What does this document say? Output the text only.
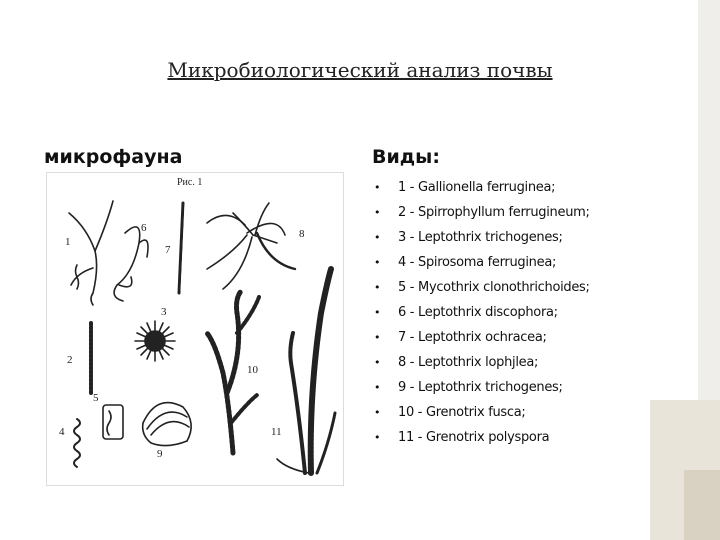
Микробиологический анализ почвы
микрофауна	Виды:
Рис. 1
1
6
7
8
2
3
10
11
5
4
9
• 1 - Gallionella ferruginea;
• 2 - Spirrophyllum ferrugineum;
• 3 - Leptothrix trichogenes;
• 4 - Spirosoma ferruginea;
• 5 - Mycothrix clonothrichoides;
• 6 - Leptothrix discophora;
• 7 - Leptothrix ochracea;
• 8 - Leptothrix lophjlea;
• 9 - Leptothrix trichogenes;
• 10 - Grenotrix fusca;
• 11 - Grenotrix polyspora
